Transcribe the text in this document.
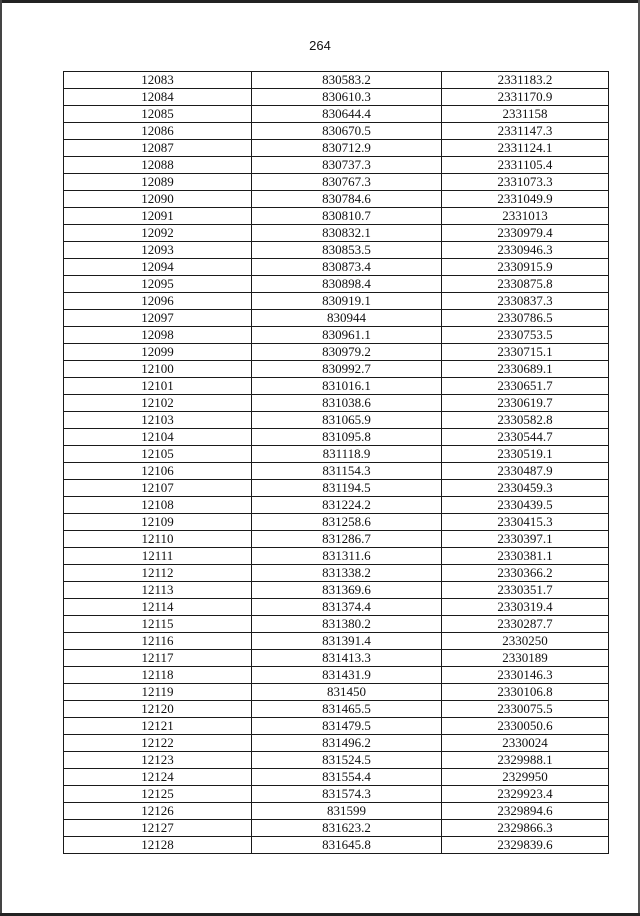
264
12083	830583.2	2331183.2
12084	830610.3	2331170.9
12085	830644.4	2331158
12086	830670.5	2331147.3
12087	830712.9	2331124.1
12088	830737.3	2331105.4
12089	830767.3	2331073.3
12090	830784.6	2331049.9
12091	830810.7	2331013
12092	830832.1	2330979.4
12093	830853.5	2330946.3
12094	830873.4	2330915.9
12095	830898.4	2330875.8
12096	830919.1	2330837.3
12097	830944	2330786.5
12098	830961.1	2330753.5
12099	830979.2	2330715.1
12100	830992.7	2330689.1
12101	831016.1	2330651.7
12102	831038.6	2330619.7
12103	831065.9	2330582.8
12104	831095.8	2330544.7
12105	831118.9	2330519.1
12106	831154.3	2330487.9
12107	831194.5	2330459.3
12108	831224.2	2330439.5
12109	831258.6	2330415.3
12110	831286.7	2330397.1
12111	831311.6	2330381.1
12112	831338.2	2330366.2
12113	831369.6	2330351.7
12114	831374.4	2330319.4
12115	831380.2	2330287.7
12116	831391.4	2330250
12117	831413.3	2330189
12118	831431.9	2330146.3
12119	831450	2330106.8
12120	831465.5	2330075.5
12121	831479.5	2330050.6
12122	831496.2	2330024
12123	831524.5	2329988.1
12124	831554.4	2329950
12125	831574.3	2329923.4
12126	831599	2329894.6
12127	831623.2	2329866.3
12128	831645.8	2329839.6
